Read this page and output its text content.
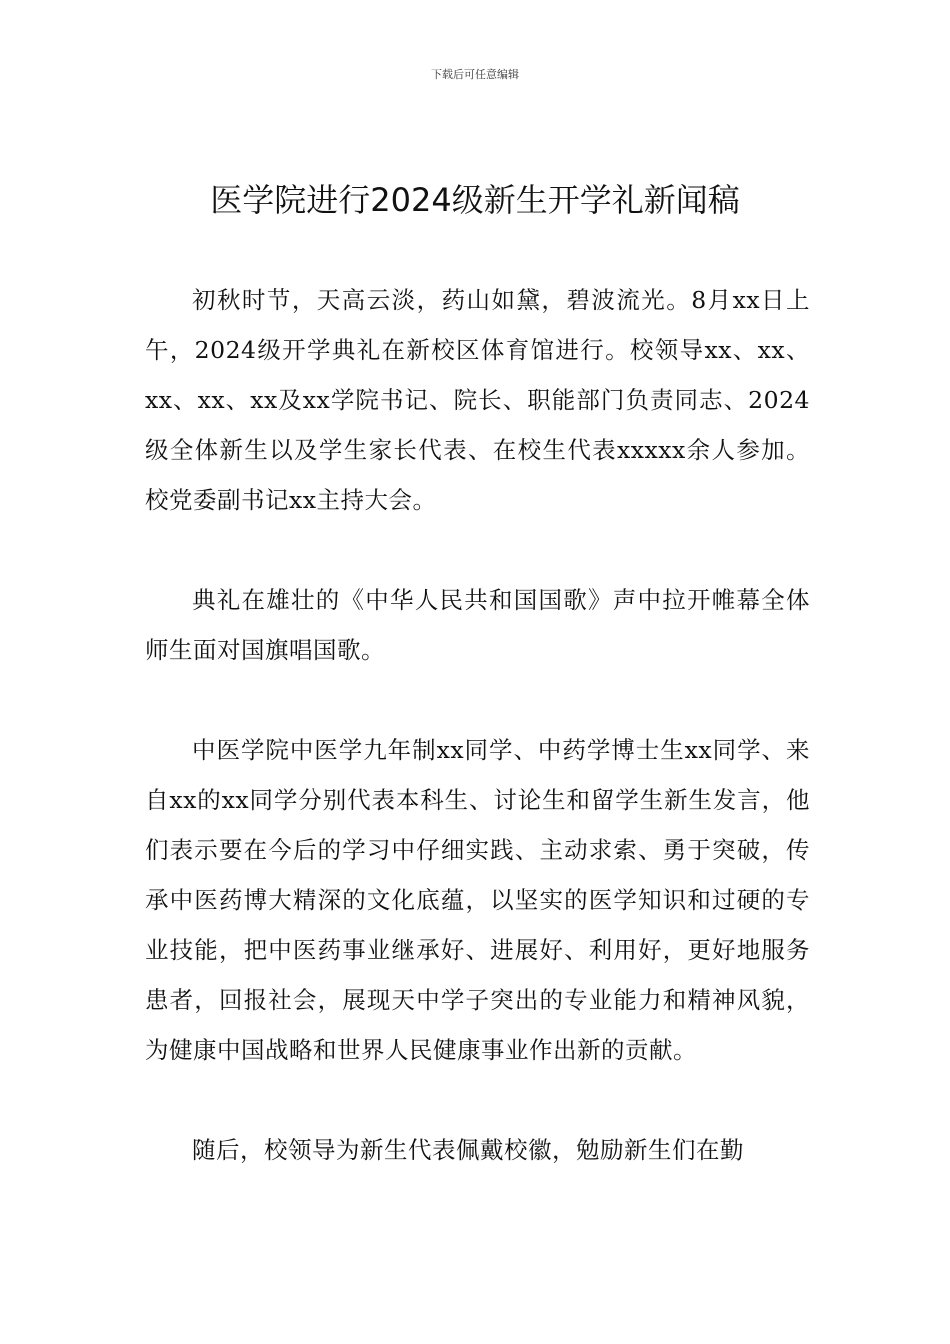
下载后可任意编辑
医学院进行2024级新生开学礼新闻稿

初秋时节，天高云淡，药山如黛，碧波流光。8月xx日上午，2024级开学典礼在新校区体育馆进行。校领导xx、xx、xx、xx、xx及xx学院书记、院长、职能部门负责同志、2024级全体新生以及学生家长代表、在校生代表xxxxx余人参加。校党委副书记xx主持大会。

典礼在雄壮的《中华人民共和国国歌》声中拉开帷幕全体师生面对国旗唱国歌。

中医学院中医学九年制xx同学、中药学博士生xx同学、来自xx的xx同学分别代表本科生、讨论生和留学生新生发言，他们表示要在今后的学习中仔细实践、主动求索、勇于突破，传承中医药博大精深的文化底蕴，以坚实的医学知识和过硬的专业技能，把中医药事业继承好、进展好、利用好，更好地服务患者，回报社会，展现天中学子突出的专业能力和精神风貌，为健康中国战略和世界人民健康事业作出新的贡献。

随后，校领导为新生代表佩戴校徽，勉励新生们在勤
